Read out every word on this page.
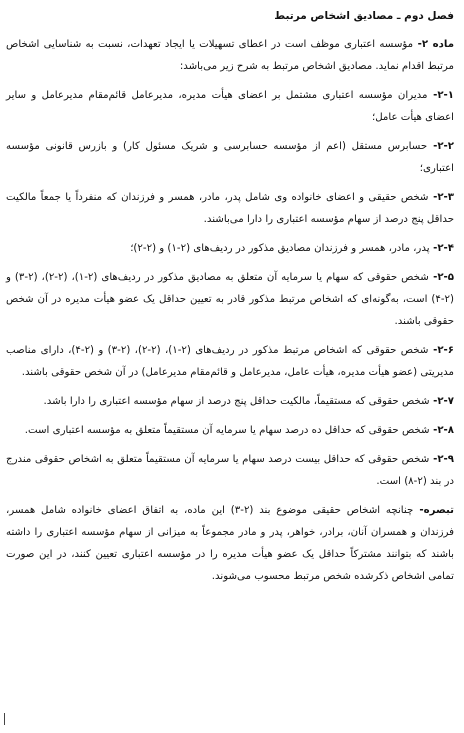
فصل دوم ـ مصادیق اشخاص مرتبط

ماده ۲- مؤسسه اعتباری موظف است در اعطای تسهیلات یا ایجاد تعهدات، نسبت به شناسایی اشخاص مرتبط اقدام نماید. مصادیق اشخاص مرتبط به شرح زیر می‌باشد:

۲-۱- مدیران مؤسسه اعتباری مشتمل بر اعضای هیأت مدیره، مدیرعامل قائم‌مقام مدیرعامل و سایر اعضای هیأت عامل؛

۲-۲- حسابرس مستقل (اعم از مؤسسه حسابرسی و شریک مسئول کار) و بازرس قانونی مؤسسه اعتباری؛

۲-۳- شخص حقیقی و اعضای خانواده وی شامل پدر، مادر، همسر و فرزندان که منفرداً یا جمعاً مالکیت حداقل پنج درصد از سهام مؤسسه اعتباری را دارا می‌باشند.

۲-۴- پدر، مادر، همسر و فرزندان مصادیق مذکور در ردیف‌های (۲-۱) و (۲-۲)؛

۲-۵- شخص حقوقی که سهام یا سرمایه آن متعلق به مصادیق مذکور در ردیف‌های (۲-۱)، (۲-۲)، (۲-۳) و (۲-۴) است، به‌گونه‌ای که اشخاص مرتبط مذکور قادر به تعیین حداقل یک عضو هیأت مدیره در آن شخص حقوقی باشند.

۲-۶- شخص حقوقی که اشخاص مرتبط مذکور در ردیف‌های (۲-۱)، (۲-۲)، (۲-۳) و (۲-۴)، دارای مناصب مدیریتی (عضو هیأت مدیره، هیأت عامل، مدیرعامل و قائم‌مقام مدیرعامل) در آن شخص حقوقی باشند.

۲-۷- شخص حقوقی که مستقیماً، مالکیت حداقل پنج درصد از سهام مؤسسه اعتباری را دارا باشد.

۲-۸- شخص حقوقی که حداقل ده درصد سهام یا سرمایه آن مستقیماً متعلق به مؤسسه اعتباری است.

۲-۹- شخص حقوقی که حداقل بیست درصد سهام یا سرمایه آن مستقیماً متعلق به اشخاص حقوقی مندرج در بند (۲-۸) است.

تبصره- چنانچه اشخاص حقیقی موضوع بند (۲-۳) این ماده، به اتفاق اعضای خانواده شامل همسر، فرزندان و همسران آنان، برادر، خواهر، پدر و مادر مجموعاً به میزانی از سهام مؤسسه اعتباری را داشته باشند که بتوانند مشترکاً حداقل یک عضو هیأت مدیره را در مؤسسه اعتباری تعیین کنند، در این صورت تمامی اشخاص ذکرشده شخص مرتبط محسوب می‌شوند.
